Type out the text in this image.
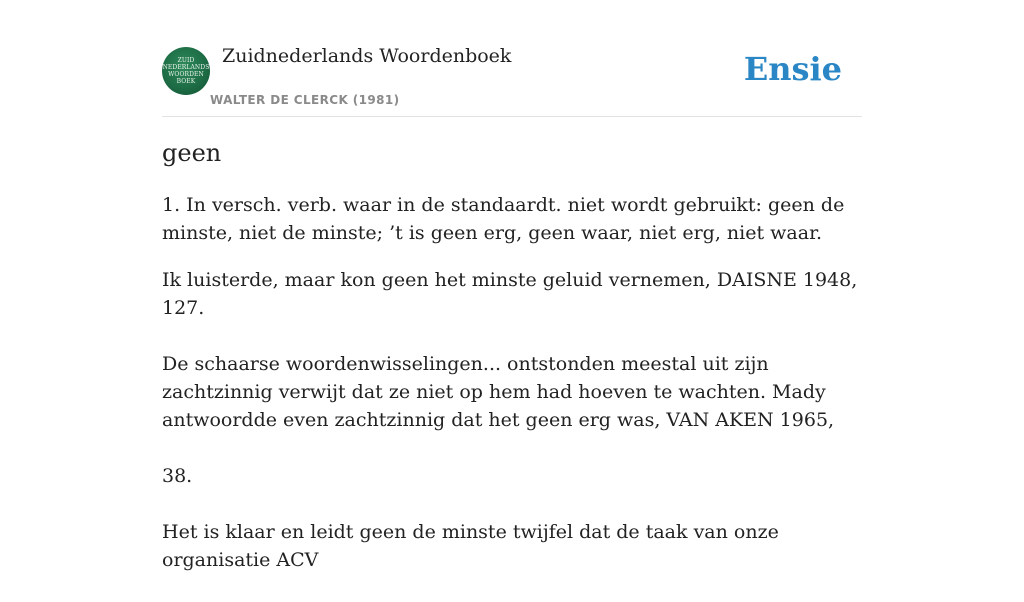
ZUID
NEDERLANDS
WOORDEN
BOEK
Zuidnederlands Woordenboek
WALTER DE CLERCK (1981)
Ensie
geen

1. In versch. verb. waar in de standaardt. niet wordt gebruikt: geen de minste, niet de minste; ’t is geen erg, geen waar, niet erg, niet waar.

Ik luisterde, maar kon geen het minste geluid vernemen, DAISNE 1948, 127.

De schaarse woordenwisselingen... ontstonden meestal uit zijn zachtzinnig verwijt dat ze niet op hem had hoeven te wachten. Mady antwoordde even zachtzinnig dat het geen erg was, VAN AKEN 1965,

38.

Het is klaar en leidt geen de minste twijfel dat de taak van onze organisatie ACV
